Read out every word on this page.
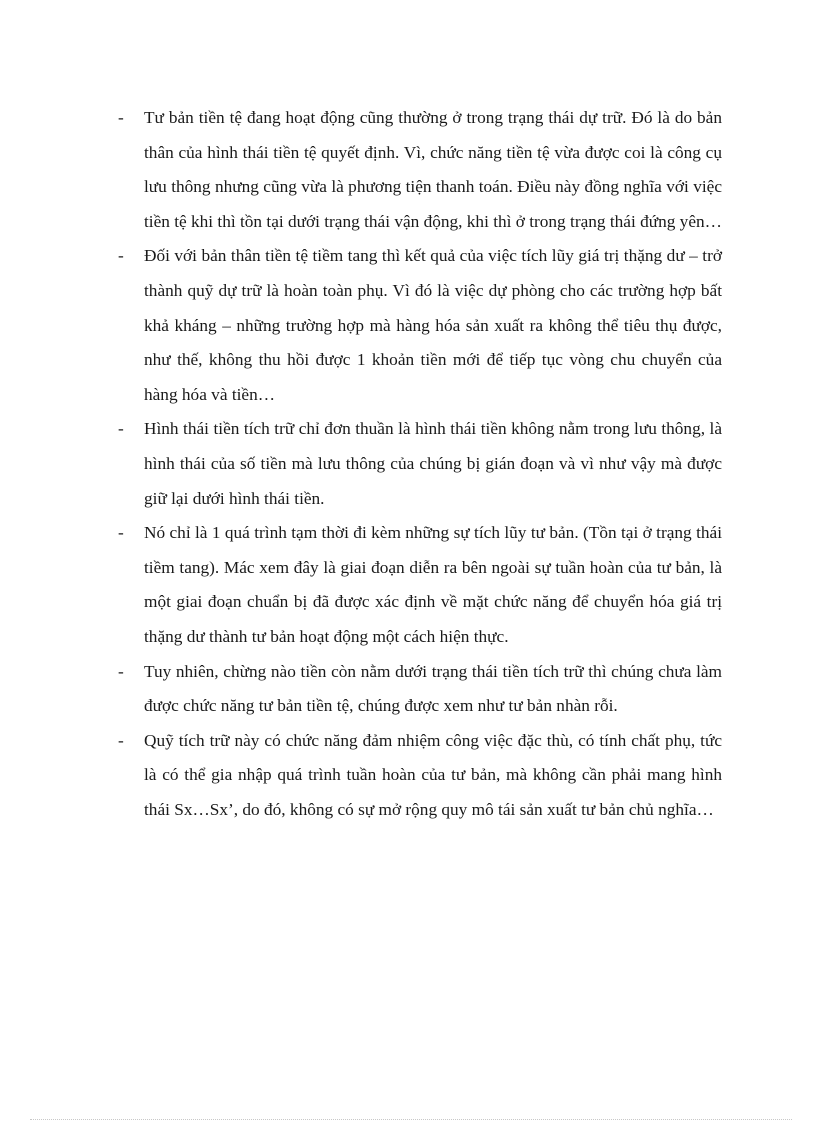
- Tư bản tiền tệ đang hoạt động cũng thường ở trong trạng thái dự trữ. Đó là do bản thân của hình thái tiền tệ quyết định. Vì, chức năng tiền tệ vừa được coi là công cụ lưu thông nhưng cũng vừa là phương tiện thanh toán. Điều này đồng nghĩa với việc tiền tệ khi thì tồn tại dưới trạng thái vận động, khi thì ở trong trạng thái đứng yên…
- Đối với bản thân tiền tệ tiềm tang thì kết quả của việc tích lũy giá trị thặng dư – trở thành quỹ dự trữ là hoàn toàn phụ. Vì đó là việc dự phòng cho các trường hợp bất khả kháng – những trường hợp mà hàng hóa sản xuất ra không thể tiêu thụ được, như thế, không thu hồi được 1 khoản tiền mới để tiếp tục vòng chu chuyển của hàng hóa và tiền…
- Hình thái tiền tích trữ chỉ đơn thuần là hình thái tiền không nằm trong lưu thông, là hình thái của số tiền mà lưu thông của chúng bị gián đoạn và vì như vậy mà được giữ lại dưới hình thái tiền.
- Nó chỉ là 1 quá trình tạm thời đi kèm những sự tích lũy tư bản. (Tồn tại ở trạng thái tiềm tang). Mác xem đây là giai đoạn diễn ra bên ngoài sự tuần hoàn của tư bản, là một giai đoạn chuẩn bị đã được xác định về mặt chức năng để chuyển hóa giá trị thặng dư thành tư bản hoạt động một cách hiện thực.
- Tuy nhiên, chừng nào tiền còn nằm dưới trạng thái tiền tích trữ thì chúng chưa làm được chức năng tư bản tiền tệ, chúng được xem như tư bản nhàn rỗi.
- Quỹ tích trữ này có chức năng đảm nhiệm công việc đặc thù, có tính chất phụ, tức là có thể gia nhập quá trình tuần hoàn của tư bản, mà không cần phải mang hình thái Sx…Sx’, do đó, không có sự mở rộng quy mô tái sản xuất tư bản chủ nghĩa…
